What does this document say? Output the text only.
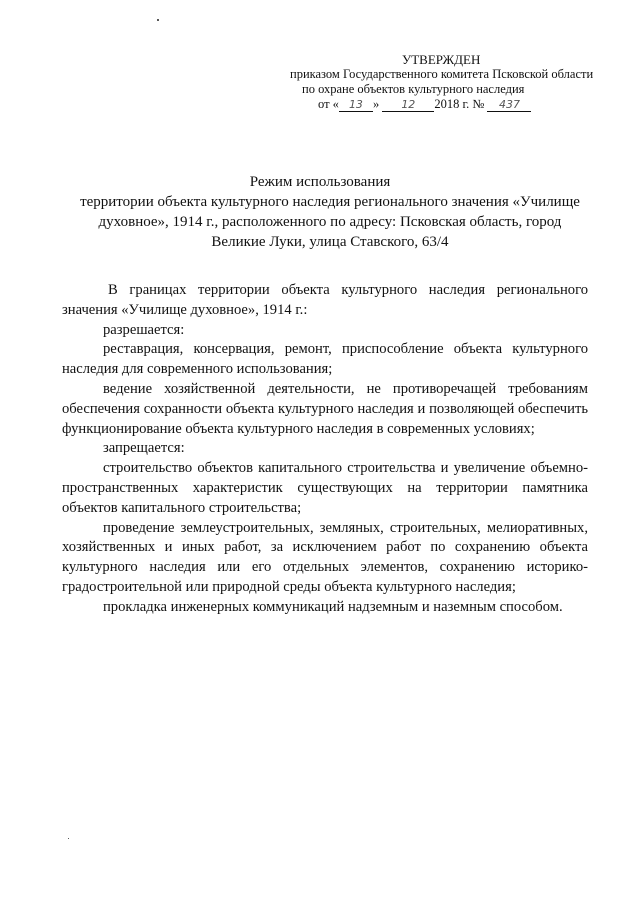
УТВЕРЖДЕН
приказом Государственного комитета Псковской области
по охране объектов культурного наследия
от « 13 » 12 2018 г. № 437
Режим использования
территории объекта культурного наследия регионального значения «Училище духовное», 1914 г., расположенного по адресу: Псковская область, город Великие Луки, улица Ставского, 63/4

В границах территории объекта культурного наследия регионального значения «Училище духовное», 1914 г.:

разрешается:

реставрация, консервация, ремонт, приспособление объекта культурного наследия для современного использования;

ведение хозяйственной деятельности, не противоречащей требованиям обеспечения сохранности объекта культурного наследия и позволяющей обеспечить функционирование объекта культурного наследия в современных условиях;

запрещается:

строительство объектов капитального строительства и увеличение объемно-пространственных характеристик существующих на территории памятника объектов капитального строительства;

проведение землеустроительных, земляных, строительных, мелиоративных, хозяйственных и иных работ, за исключением работ по сохранению объекта культурного наследия или его отдельных элементов, сохранению историко-градостроительной или природной среды объекта культурного наследия;

прокладка инженерных коммуникаций надземным и наземным способом.
